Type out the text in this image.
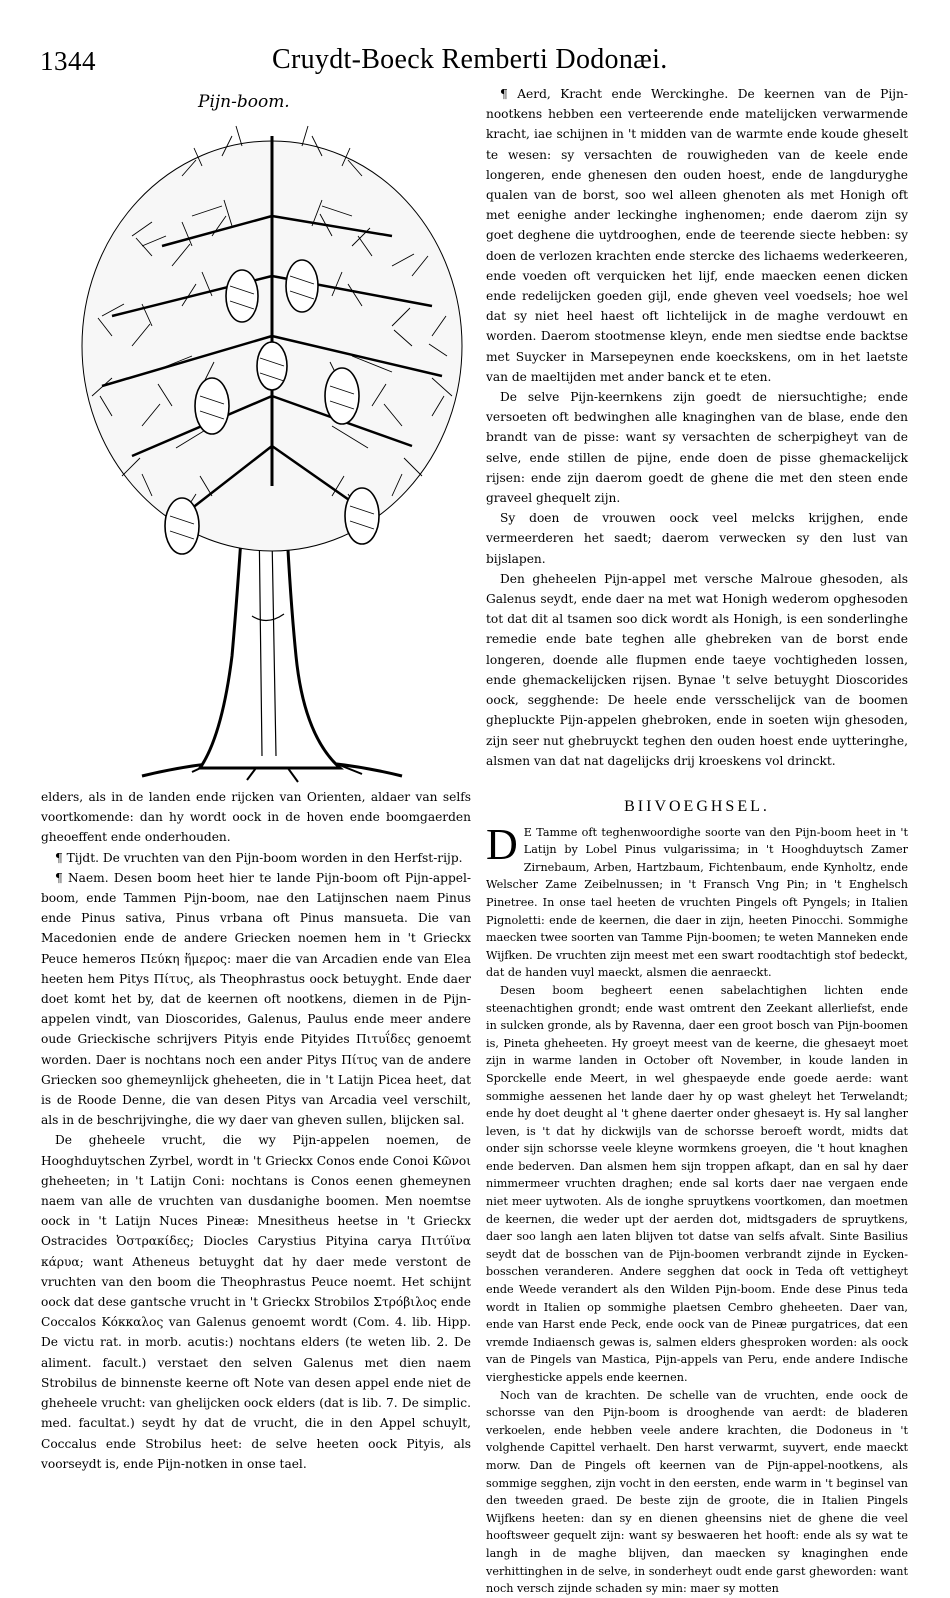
1344	Cruydt-Boeck Remberti Dodonæi.
Pijn-boom.	¶ Aerd, Kracht ende Werckinghe. De keernen van de Pijn-nootkens hebben een verteerende ende matelijcken verwarmende kracht, iae schijnen in 't midden van de warmte ende koude gheselt te wesen: sy versachten de rouwigheden van de keele ende longeren, ende ghenesen den ouden hoest, ende de langduryghe qualen van de borst, soo wel alleen ghenoten als met Honigh oft met eenighe ander leckinghe inghenomen; ende daerom zijn sy goet deghene die uytdrooghen, ende de teerende siecte hebben: sy doen de verlozen krachten ende stercke des lichaems wederkeeren, ende voeden oft verquicken het lijf, ende maecken eenen dicken ende redelijcken goeden gijl, ende gheven veel voedsels; hoe wel dat sy niet heel haest oft lichtelijck in de maghe verdouwt en worden. Daerom stootmense kleyn, ende men siedtse ende backtse met Suycker in Marsepeynen ende koeckskens, om in het laetste van de maeltijden met ander banck et te eten.

De selve Pijn-keernkens zijn goedt de niersuchtighe; ende versoeten oft bedwinghen alle knaginghen van de blase, ende den brandt van de pisse: want sy versachten de scherpigheyt van de selve, ende stillen de pijne, ende doen de pisse ghemackelijck rijsen: ende zijn daerom goedt de ghene die met den steen ende graveel ghequelt zijn.

Sy doen de vrouwen oock veel melcks krijghen, ende vermeerderen het saedt; daerom verwecken sy den lust van bijslapen.

Den gheheelen Pijn-appel met versche Malroue ghesoden, als Galenus seydt, ende daer na met wat Honigh wederom opghesoden tot dat dit al tsamen soo dick wordt als Honigh, is een sonderlinghe remedie ende bate teghen alle ghebreken van de borst ende longeren, doende alle flupmen ende taeye vochtigheden lossen, ende ghemackelijcken rijsen. Bynae 't selve betuyght Dioscorides oock, segghende: De heele ende versschelijck van de boomen ghepluckte Pijn-appelen ghebroken, ende in soeten wijn ghesoden, zijn seer nut ghebruyckt teghen den ouden hoest ende uytteringhe, alsmen van dat nat dagelijcks drij kroeskens vol drinckt.

elders, als in de landen ende rijcken van Orienten, aldaer van selfs voortkomende: dan hy wordt oock in de hoven ende boomgaerden gheoeffent ende onderhouden.

¶ Tijdt. De vruchten van den Pijn-boom worden in den Herfst-rijp.

¶ Naem. Desen boom heet hier te lande Pijn-boom oft Pijn-appel-boom, ende Tammen Pijn-boom, nae den Latijnschen naem Pinus ende Pinus sativa, Pinus vrbana oft Pinus mansueta. Die van Macedonien ende de andere Griecken noemen hem in 't Grieckx Peuce hemeros Πεύκη ἥμερος: maer die van Arcadien ende van Elea heeten hem Pitys Πίτυς, als Theophrastus oock betuyght. Ende daer doet komt het by, dat de keernen oft nootkens, diemen in de Pijn-appelen vindt, van Dioscorides, Galenus, Paulus ende meer andere oude Grieckische schrijvers Pityis ende Pityides Πιτυΐδες genoemt worden. Daer is nochtans noch een ander Pitys Πίτυς van de andere Griecken soo ghemeynlijck gheheeten, die in 't Latijn Picea heet, dat is de Roode Denne, die van desen Pitys van Arcadia veel verschilt, als in de beschrijvinghe, die wy daer van gheven sullen, blijcken sal.

De gheheele vrucht, die wy Pijn-appelen noemen, de Hooghduytschen Zyrbel, wordt in 't Grieckx Conos ende Conoi Κῶνοι gheheeten; in 't Latijn Coni: nochtans is Conos eenen ghemeynen naem van alle de vruchten van dusdanighe boomen. Men noemtse oock in 't Latijn Nuces Pineæ: Mnesitheus heetse in 't Grieckx Ostracides Ὀστρακίδες; Diocles Carystius Pityina carya Πιτύϊνα κάρυα; want Atheneus betuyght dat hy daer mede verstont de vruchten van den boom die Theophrastus Peuce noemt. Het schijnt oock dat dese gantsche vrucht in 't Grieckx Strobilos Στρόβιλος ende Coccalos Κόκκαλος van Galenus genoemt wordt (Com. 4. lib. Hipp. De victu rat. in morb. acutis:) nochtans elders (te weten lib. 2. De aliment. facult.) verstaet den selven Galenus met dien naem Strobilus de binnenste keerne oft Note van desen appel ende niet de gheheele vrucht: van ghelijcken oock elders (dat is lib. 7. De simplic. med. facultat.) seydt hy dat de vrucht, die in den Appel schuylt, Coccalus ende Strobilus heet: de selve heeten oock Pityis, als voorseydt is, ende Pijn-notken in onse tael.

BIIVOEGHSEL.
D E Tamme oft teghenwoordighe soorte van den Pijn-boom heet in 't Latijn by Lobel Pinus vulgarissima; in 't Hooghduytsch Zamer Zirnebaum, Arben, Hartzbaum, Fichtenbaum, ende Kynholtz, ende Welscher Zame Zeibelnussen; in 't Fransch Vng Pin; in 't Enghelsch Pinetree. In onse tael heeten de vruchten Pingels oft Pyngels; in Italien Pignoletti: ende de keernen, die daer in zijn, heeten Pinocchi. Sommighe maecken twee soorten van Tamme Pijn-boomen; te weten Manneken ende Wijfken. De vruchten zijn meest met een swart roodtachtigh stof bedeckt, dat de handen vuyl maeckt, alsmen die aenraeckt.

Desen boom begheert eenen sabelachtighen lichten ende steenachtighen grondt; ende wast omtrent den Zeekant allerliefst, ende in sulcken gronde, als by Ravenna, daer een groot bosch van Pijn-boomen is, Pineta gheheeten. Hy groeyt meest van de keerne, die ghesaeyt moet zijn in warme landen in October oft November, in koude landen in Sporckelle ende Meert, in wel ghespaeyde ende goede aerde: want sommighe aessenen het lande daer hy op wast gheleyt het Terwelandt; ende hy doet deught al 't ghene daerter onder ghesaeyt is. Hy sal langher leven, is 't dat hy dickwijls van de schorsse beroeft wordt, midts dat onder sijn schorsse veele kleyne wormkens groeyen, die 't hout knaghen ende bederven. Dan alsmen hem sijn troppen afkapt, dan en sal hy daer nimmermeer vruchten draghen; ende sal korts daer nae vergaen ende niet meer uytwoten. Als de ionghe spruytkens voortkomen, dan moetmen de keernen, die weder upt der aerden dot, midtsgaders de spruytkens, daer soo langh aen laten blijven tot datse van selfs afvalt. Sinte Basilius seydt dat de bosschen van de Pijn-boomen verbrandt zijnde in Eycken-bosschen veranderen. Andere segghen dat oock in Teda oft vettigheyt ende Weede verandert als den Wilden Pijn-boom. Ende dese Pinus teda wordt in Italien op sommighe plaetsen Cembro gheheeten. Daer van, ende van Harst ende Peck, ende oock van de Pineæ purgatrices, dat een vremde Indiaensch gewas is, salmen elders ghesproken worden: als oock van de Pingels van Mastica, Pijn-appels van Peru, ende andere Indische vierghesticke appels ende keernen.

Noch van de krachten. De schelle van de vruchten, ende oock de schorsse van den Pijn-boom is drooghende van aerdt: de bladeren verkoelen, ende hebben veele andere krachten, die Dodoneus in 't volghende Capittel verhaelt. Den harst verwarmt, suyvert, ende maeckt morw. Dan de Pingels oft keernen van de Pijn-appel-nootkens, als sommige segghen, zijn vocht in den eersten, ende warm in 't beginsel van den tweeden graed. De beste zijn de groote, die in Italien Pingels Wijfkens heeten: dan sy en dienen gheensins niet de ghene die veel hooftsweer gequelt zijn: want sy beswaeren het hooft: ende als sy wat te langh in de maghe blijven, dan maecken sy knaginghen ende verhittinghen in de selve, in sonderheyt oudt ende garst gheworden: want noch versch zijnde schaden sy min: maer sy motten
